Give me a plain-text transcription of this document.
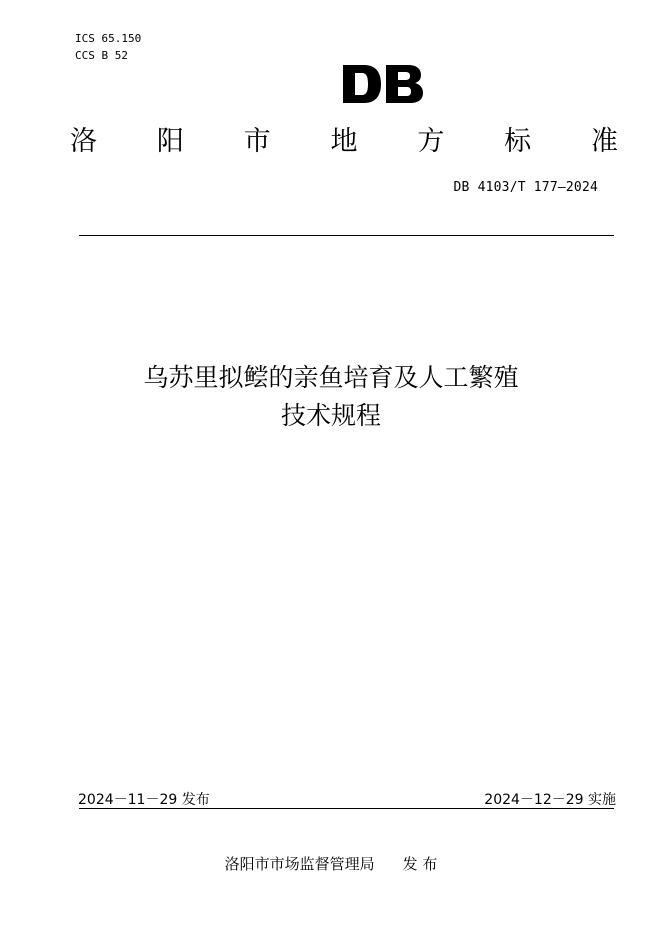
ICS 65.150
CCS B 52
洛 阳 市 地 方 标 准
DB 4103/T 177—2024
乌苏里拟鲿的亲鱼培育及人工繁殖
技术规程
2024－11－29 发布	2024－12－29 实施
洛阳市市场监督管理局 发 布
